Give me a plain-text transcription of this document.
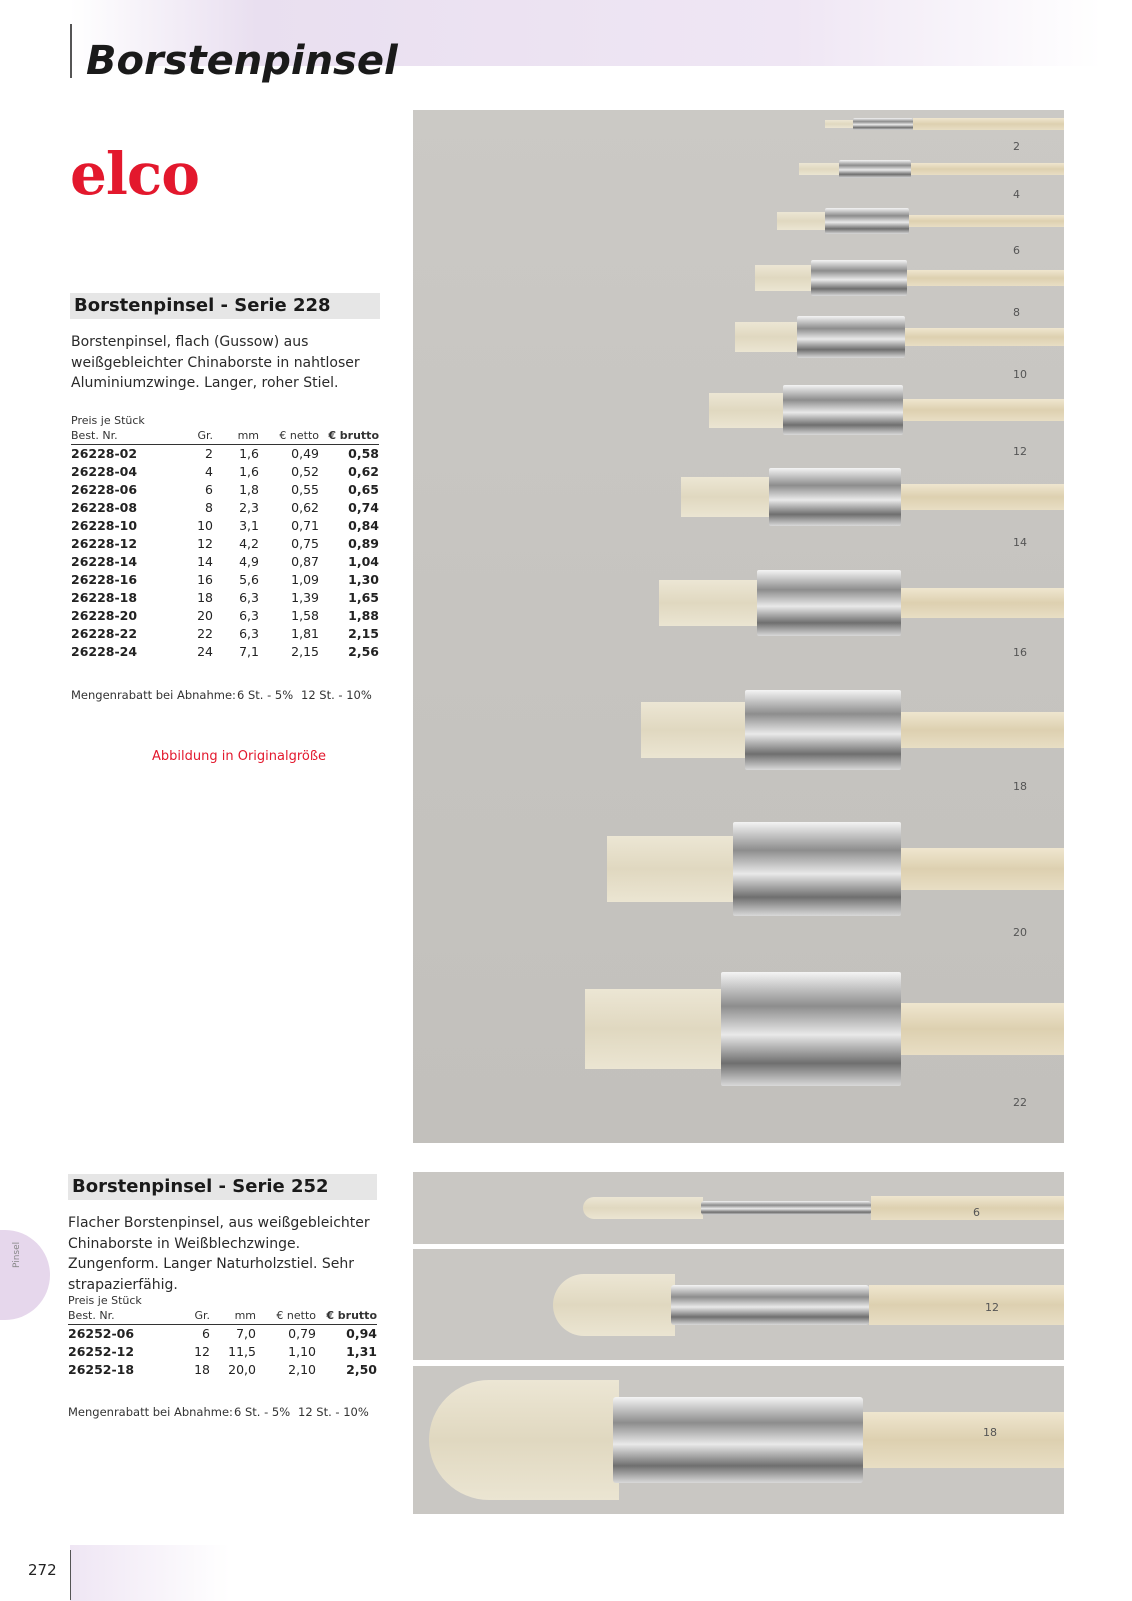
Borstenpinsel
elco
Borstenpinsel - Serie 228

Borstenpinsel, flach (Gussow) aus weißgebleichter Chinaborste in nahtloser Aluminiumzwinge. Langer, roher Stiel.

Preis je Stück				
Best. Nr.	Gr.	mm	€ netto	€ brutto
26228-02	2	1,6	0,49	0,58
26228-04	4	1,6	0,52	0,62
26228-06	6	1,8	0,55	0,65
26228-08	8	2,3	0,62	0,74
26228-10	10	3,1	0,71	0,84
26228-12	12	4,2	0,75	0,89
26228-14	14	4,9	0,87	1,04
26228-16	16	5,6	1,09	1,30
26228-18	18	6,3	1,39	1,65
26228-20	20	6,3	1,58	1,88
26228-22	22	6,3	1,81	2,15
26228-24	24	7,1	2,15	2,56
Mengenrabatt bei Abnahme:6 St. - 5% 12 St. - 10%
Abbildung in Originalgröße
2
4
6
8
10
12
14
16
18
20
22
Borstenpinsel - Serie 252

Flacher Borstenpinsel, aus weißgebleichter Chinaborste in Weißblechzwinge. Zungenform. Langer Naturholzstiel. Sehr strapazierfähig.

Preis je Stück				
Best. Nr.	Gr.	mm	€ netto	€ brutto
26252-06	6	7,0	0,79	0,94
26252-12	12	11,5	1,10	1,31
26252-18	18	20,0	2,10	2,50
Mengenrabatt bei Abnahme:6 St. - 5% 12 St. - 10%
6
12
18
Pinsel
272
